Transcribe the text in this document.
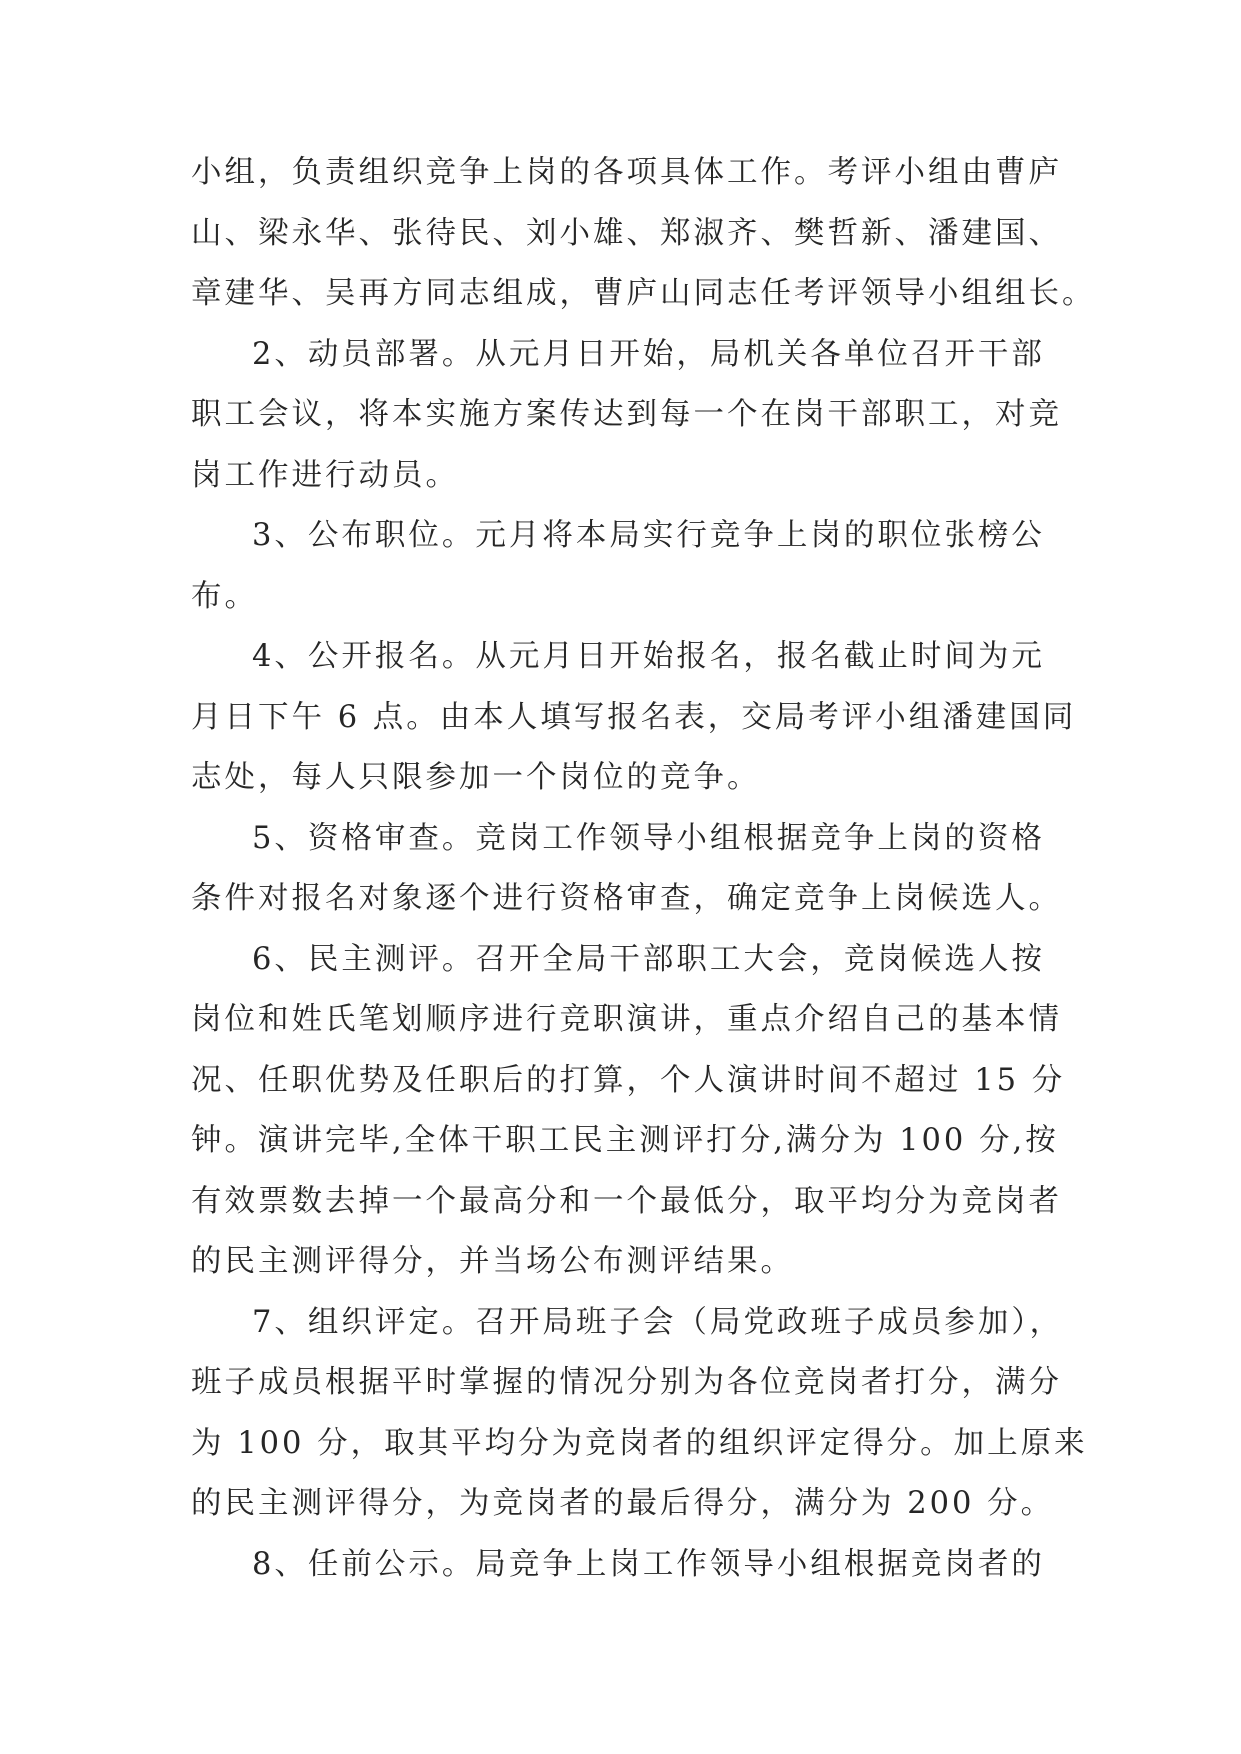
小组，负责组织竞争上岗的各项具体工作。考评小组由曹庐
山、梁永华、张待民、刘小雄、郑淑齐、樊哲新、潘建国、
章建华、吴再方同志组成，曹庐山同志任考评领导小组组长。
2、动员部署。从元月日开始，局机关各单位召开干部
职工会议，将本实施方案传达到每一个在岗干部职工，对竞
岗工作进行动员。
3、公布职位。元月将本局实行竞争上岗的职位张榜公
布。
4、公开报名。从元月日开始报名，报名截止时间为元
月日下午 6 点。由本人填写报名表，交局考评小组潘建国同
志处，每人只限参加一个岗位的竞争。
5、资格审查。竞岗工作领导小组根据竞争上岗的资格
条件对报名对象逐个进行资格审查，确定竞争上岗候选人。
6、民主测评。召开全局干部职工大会，竞岗候选人按
岗位和姓氏笔划顺序进行竞职演讲，重点介绍自己的基本情
况、任职优势及任职后的打算，个人演讲时间不超过 15 分
钟。演讲完毕,全体干职工民主测评打分,满分为 100 分,按
有效票数去掉一个最高分和一个最低分，取平均分为竞岗者
的民主测评得分，并当场公布测评结果。
7、组织评定。召开局班子会（局党政班子成员参加），
班子成员根据平时掌握的情况分别为各位竞岗者打分，满分
为 100 分，取其平均分为竞岗者的组织评定得分。加上原来
的民主测评得分，为竞岗者的最后得分，满分为 200 分。
8、任前公示。局竞争上岗工作领导小组根据竞岗者的
